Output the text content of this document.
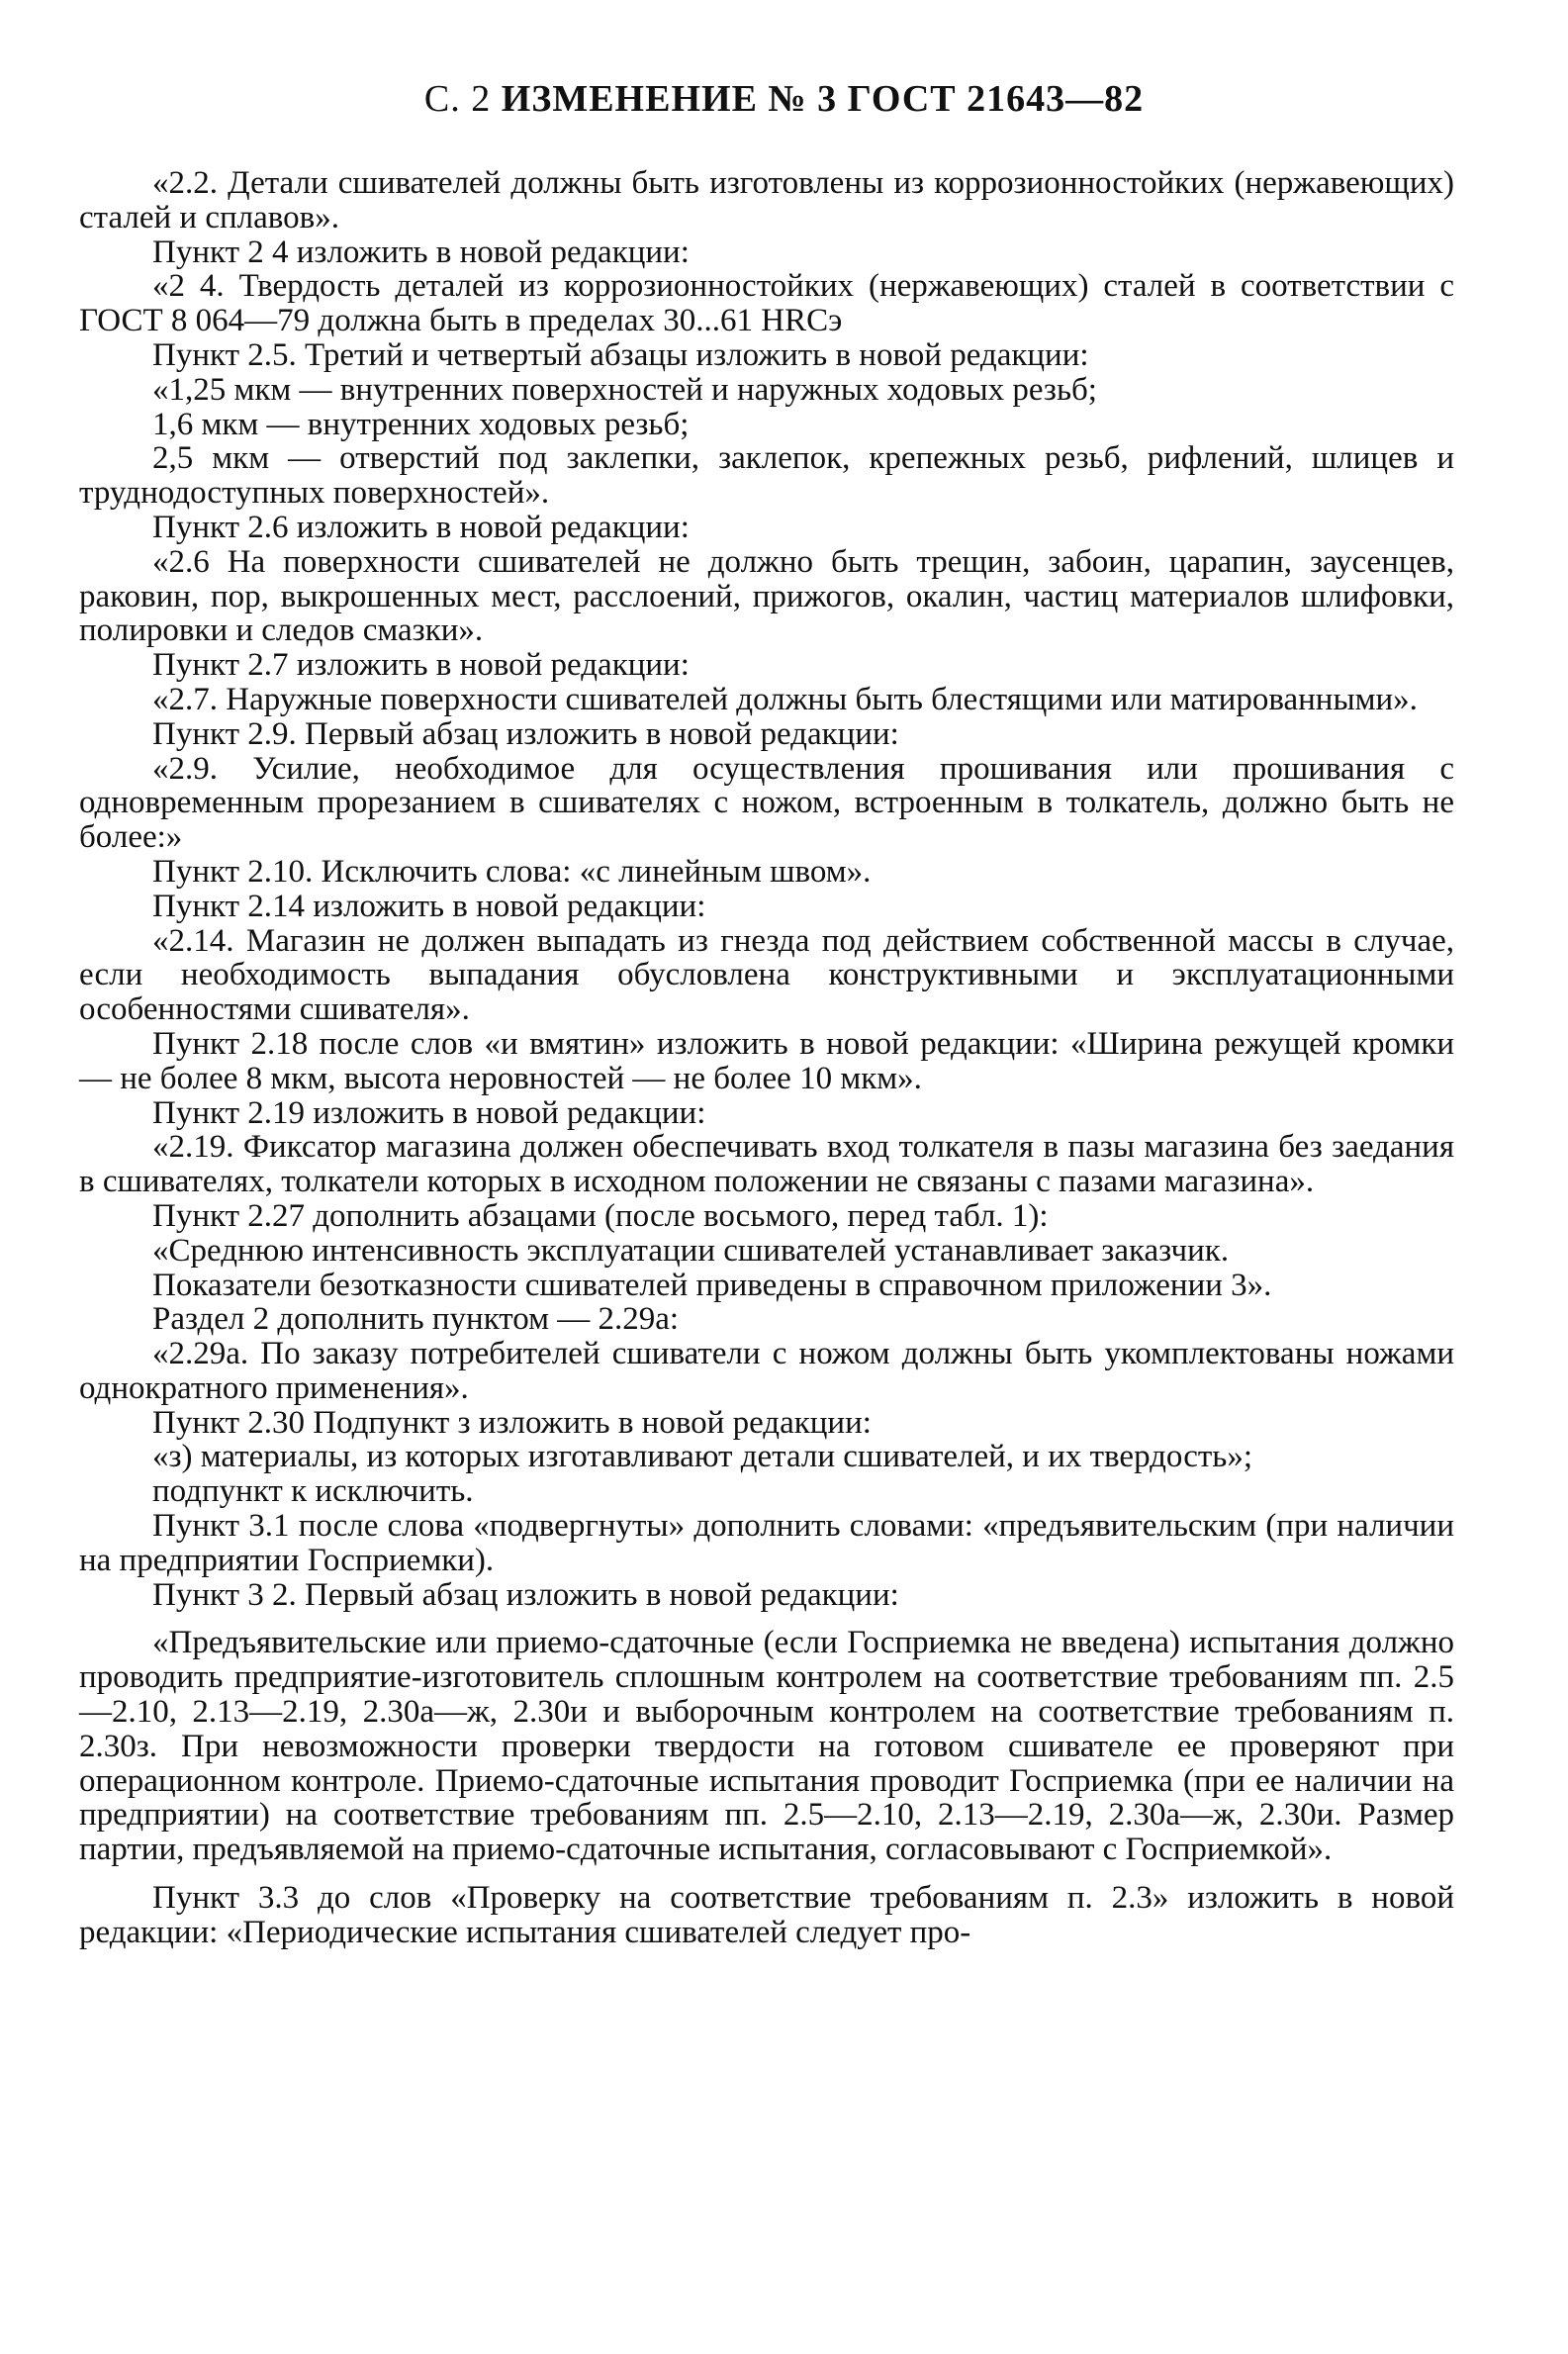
С. 2 ИЗМЕНЕНИЕ № 3 ГОСТ 21643—82

«2.2. Детали сшивателей должны быть изготовлены из коррозионностойких (нержавеющих) сталей и сплавов».

Пункт 2 4 изложить в новой редакции:

«2 4. Твердость деталей из коррозионностойких (нержавеющих) сталей в соответствии с ГОСТ 8 064—79 должна быть в пределах 30...61 HRCэ

Пункт 2.5. Третий и четвертый абзацы изложить в новой редакции:

«1,25 мкм — внутренних поверхностей и наружных ходовых резьб;

1,6 мкм — внутренних ходовых резьб;

2,5 мкм — отверстий под заклепки, заклепок, крепежных резьб, рифлений, шлицев и труднодоступных поверхностей».

Пункт 2.6 изложить в новой редакции:

«2.6 На поверхности сшивателей не должно быть трещин, забоин, царапин, заусенцев, раковин, пор, выкрошенных мест, расслоений, прижогов, окалин, частиц материалов шлифовки, полировки и следов смазки».

Пункт 2.7 изложить в новой редакции:

«2.7. Наружные поверхности сшивателей должны быть блестящими или матированными».

Пункт 2.9. Первый абзац изложить в новой редакции:

«2.9. Усилие, необходимое для осуществления прошивания или прошивания с одновременным прорезанием в сшивателях с ножом, встроенным в толкатель, должно быть не более:»

Пункт 2.10. Исключить слова: «с линейным швом».

Пункт 2.14 изложить в новой редакции:

«2.14. Магазин не должен выпадать из гнезда под действием собственной массы в случае, если необходимость выпадания обусловлена конструктивными и эксплуатационными особенностями сшивателя».

Пункт 2.18 после слов «и вмятин» изложить в новой редакции: «Ширина режущей кромки — не более 8 мкм, высота неровностей — не более 10 мкм».

Пункт 2.19 изложить в новой редакции:

«2.19. Фиксатор магазина должен обеспечивать вход толкателя в пазы магазина без заедания в сшивателях, толкатели которых в исходном положении не связаны с пазами магазина».

Пункт 2.27 дополнить абзацами (после восьмого, перед табл. 1):

«Среднюю интенсивность эксплуатации сшивателей устанавливает заказчик.

Показатели безотказности сшивателей приведены в справочном приложении 3».

Раздел 2 дополнить пунктом — 2.29а:

«2.29а. По заказу потребителей сшиватели с ножом должны быть укомплектованы ножами однократного применения».

Пункт 2.30 Подпункт з изложить в новой редакции:

«з) материалы, из которых изготавливают детали сшивателей, и их твердость»;

подпункт к исключить.

Пункт 3.1 после слова «подвергнуты» дополнить словами: «предъявительским (при наличии на предприятии Госприемки).

Пункт 3 2. Первый абзац изложить в новой редакции:

«Предъявительские или приемо-сдаточные (если Госприемка не введена) испытания должно проводить предприятие-изготовитель сплошным контролем на соответствие требованиям пп. 2.5—2.10, 2.13—2.19, 2.30а—ж, 2.30и и выборочным контролем на соответствие требованиям п. 2.30з. При невозможности проверки твердости на готовом сшивателе ее проверяют при операционном контроле. Приемо-сдаточные испытания проводит Госприемка (при ее наличии на предприятии) на соответствие требованиям пп. 2.5—2.10, 2.13—2.19, 2.30а—ж, 2.30и. Размер партии, предъявляемой на приемо-сдаточные испытания, согласовывают с Госприемкой».

Пункт 3.3 до слов «Проверку на соответствие требованиям п. 2.3» изложить в новой редакции: «Периодические испытания сшивателей следует про-
